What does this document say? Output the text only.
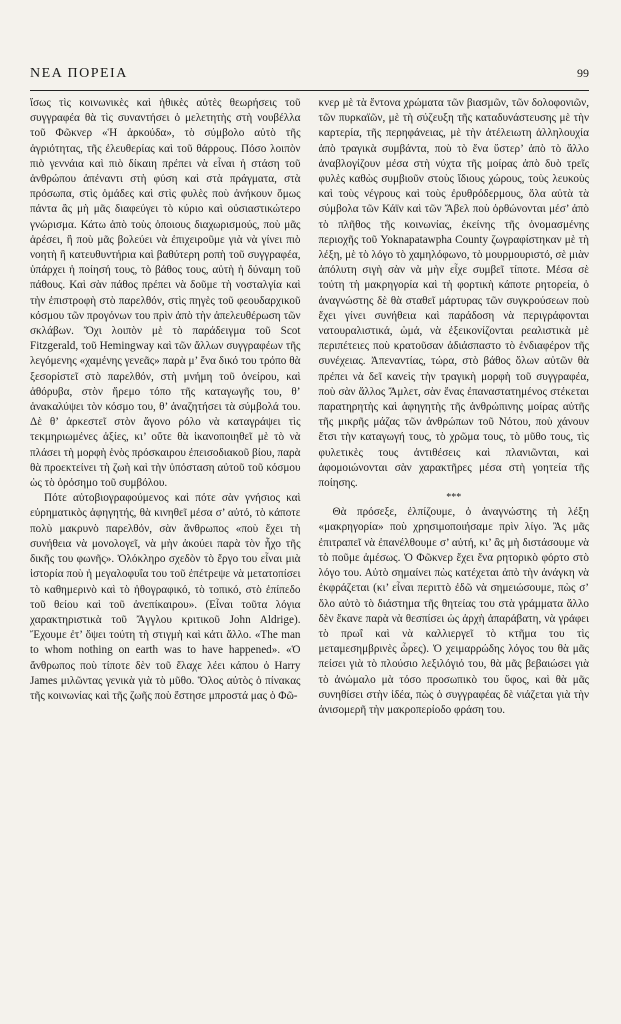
ΝΕΑ ΠΟΡΕΙΑ	99

ἴσως τὶς κοινωνικὲς καὶ ἠθικὲς αὐτὲς θεωρήσεις τοῦ συγγραφέα θὰ τὶς συναντήσει ὁ μελετητὴς στὴ νουβέλλα τοῦ Φῶκνερ «Ἡ ἀρκούδα», τὸ σύμβολο αὐτὸ τῆς ἀγριότητας, τῆς ἐλευθερίας καὶ τοῦ θάρρους. Πόσο λοιπὸν πιὸ γεννάια καὶ πιὸ δίκαιη πρέπει νὰ εἶναι ἡ στάση τοῦ ἀνθρώπου ἀπέναντι στὴ φύση καὶ στὰ πράγματα, στὰ πρόσωπα, στὶς ὁμάδες καὶ στὶς φυλὲς ποὺ ἀνήκουν ὅμως πάντα ἂς μὴ μᾶς διαφεύγει τὸ κύριο καὶ οὐσιαστικώτερο γνώρισμα. Κάτω ἀπὸ τοὺς ὁποιους διαχωρισμούς, ποὺ μᾶς ἀρέσει, ἢ ποὺ μᾶς βολεύει νὰ ἐπιχειροῦμε γιὰ νὰ γίνει πιὸ νοητὴ ἢ κατευθυντήρια καὶ βαθύτερη ροπὴ τοῦ συγγραφέα, ὑπάρχει ἡ ποίησή τους, τὸ βάθος τους, αὐτὴ ἡ δύναμη τοῦ πάθους. Καὶ σὰν πάθος πρέπει νὰ δοῦμε τὴ νοσταλγία καὶ τὴν ἐπιστροφὴ στὸ παρελθόν, στὶς πηγὲς τοῦ φεουδαρχικοῦ κόσμου τῶν προγόνων του πρὶν ἀπὸ τὴν ἀπελευθέρωση τῶν σκλάβων. Ὄχι λοιπὸν μὲ τὸ παράδειγμα τοῦ Scot Fitzgerald, τοῦ Hemingway καὶ τῶν ἄλλων συγγραφέων τῆς λεγόμενης «χαμένης γενεᾶς» παρὰ μ’ ἕνα δικό του τρόπο θὰ ξεσορίστεῖ στὸ παρελθόν, στὴ μνήμη τοῦ ὀνείρου, καὶ ἀθόρυβα, στὸν ἤρεμο τόπο τῆς καταγωγῆς του, θ’ ἀνακαλύψει τὸν κόσμο του, θ’ ἀναζητήσει τὰ σύμβολά του. Δὲ θ’ ἀρκεστεῖ στὸν ἄγονο ρόλο νὰ καταγράψει τὶς τεκμηριωμένες ἀξίες, κι’ οὔτε θὰ ἱκανοποιηθεῖ μὲ τὸ νὰ πλάσει τὴ μορφὴ ἑνὸς πρόσκαιρου ἐπεισοδιακοῦ βίου, παρὰ θὰ προεκτείνει τὴ ζωὴ καὶ τὴν ὑπόσταση αὐτοῦ τοῦ κόσμου ὡς τὸ ὁρόσημο τοῦ συμβόλου.

Πότε αὐτοβιογραφούμενος καὶ πότε σὰν γνήσιος καὶ εὐρηματικὸς ἀφηγητής, θὰ κινηθεῖ μέσα σ’ αὐτό, τὸ κάποτε πολὺ μακρυνὸ παρελθόν, σὰν ἄνθρωπος «ποὺ ἔχει τὴ συνήθεια νὰ μονολογεῖ, νὰ μὴν ἀκούει παρὰ τὸν ἦχο τῆς δικῆς του φωνῆς». Ὁλόκληρο σχεδὸν τὸ ἔργο του εἶναι μιὰ ἱστορία ποὺ ἡ μεγαλοφυΐα του τοῦ ἐπέτρεψε νὰ μετατοπίσει τὸ καθημερινὸ καὶ τὸ ἠθογραφικό, τὸ τοπικό, στὸ ἐπίπεδο τοῦ θείου καὶ τοῦ ἀνεπίκαιρου». (Εἶναι τοῦτα λόγια χαρακτηριστικὰ τοῦ Ἄγγλου κριτικοῦ John Aldrige). Ἔχουμε ἐτ’ ὄψει τούτη τὴ στιγμὴ καὶ κάτι ἄλλο. «The man to whom nothing on earth was to have happened». «Ὁ ἄνθρωπος ποὺ τίποτε δὲν τοῦ ἔλαχε λέει κάπου ὁ Harry James μιλῶντας γενικὰ γιὰ τὸ μῦθο. Ὅλος αὐτὸς ὁ πίνακας τῆς κοινωνίας καὶ τῆς ζωῆς ποὺ ἔστησε μπροστά μας ὁ Φῶ-

κνερ μὲ τὰ ἔντονα χρώματα τῶν βιασμῶν, τῶν δολοφονιῶν, τῶν πυρκαϊῶν, μὲ τὴ σύζευξη τῆς καταδυνάστευσης μὲ τὴν καρτερία, τῆς περηφάνειας, μὲ τὴν ἀτέλειωτη ἀλληλουχία ἀπὸ τραγικὰ συμβάντα, ποὺ τὸ ἕνα ὕστερ’ ἀπὸ τὸ ἄλλο ἀναβλογίζουν μέσα στὴ νύχτα τῆς μοίρας ἀπὸ δυὸ τρεῖς φυλὲς καθὼς συμβιοῦν στοὺς ἴδιους χώρους, τοὺς λευκοὺς καὶ τοὺς νέγρους καὶ τοὺς ἐρυθρόδερμους, ὅλα αὐτὰ τὰ σύμβολα τῶν Κάϊν καὶ τῶν Ἄβελ ποὺ ὀρθώνονται μέσ’ ἀπὸ τὸ πλῆθος τῆς κοινωνίας, ἐκείνης τῆς ὀνομασμένης περιοχῆς τοῦ Yoknapatawpha County ζωγραφίστηκαν μὲ τὴ λέξη, μὲ τὸ λόγο τὸ χαμηλόφωνο, τὸ μουρμουριστό, σὲ μιὰν ἀπόλυτη σιγὴ σὰν νὰ μὴν εἶχε συμβεῖ τίποτε. Μέσα σὲ τούτη τὴ μακρηγορία καὶ τὴ φορτικὴ κάποτε ρητορεία, ὁ ἀναγνώστης δὲ θὰ σταθεῖ μάρτυρας τῶν συγκρούσεων ποὺ ἔχει γίνει συνήθεια καὶ παράδοση νὰ περιγράφονται νατουραλιστικά, ὠμά, νὰ ἐξεικονίζονται ρεαλιστικὰ μὲ περιπέτειες ποὺ κρατοῦσαν ἀδιάσπαστο τὸ ἐνδιαφέρον τῆς συνέχειας. Ἀπεναντίας, τώρα, στὸ βάθος ὅλων αὐτῶν θὰ πρέπει νὰ δεῖ κανεὶς τὴν τραγικὴ μορφὴ τοῦ συγγραφέα, ποὺ σὰν ἄλλος Ἄμλετ, σὰν ἕνας ἐπαναστατημένος στέκεται παρατηρητὴς καὶ ἀφηγητὴς τῆς ἀνθρώπινης μοίρας αὐτῆς τῆς μικρῆς μάζας τῶν ἀνθρώπων τοῦ Νότου, ποὺ χάνουν ἔτσι τὴν καταγωγή τους, τὸ χρῶμα τους, τὸ μῦθο τους, τὶς φυλετικὲς τους ἀντιθέσεις καὶ πλανιῶνται, καὶ ἀφομοιώνονται σὰν χαρακτῆρες μέσα στὴ γοητεία τῆς ποίησης.

***

Θὰ πρόσεξε, ἐλπίζουμε, ὁ ἀναγνώστης τὴ λέξη «μακρηγορία» ποὺ χρησιμοποιήσαμε πρὶν λίγο. Ἂς μᾶς ἐπιτραπεῖ νὰ ἐπανέλθουμε σ’ αὐτή, κι’ ἂς μὴ διστάσουμε νὰ τὸ ποῦμε ἀμέσως. Ὁ Φῶκνερ ἔχει ἕνα ρητορικὸ φόρτο στὸ λόγο του. Αὐτὸ σημαίνει πὼς κατέχεται ἀπὸ τὴν ἀνάγκη νὰ ἐκφράζεται (κι’ εἶναι περιττὸ ἐδῶ νὰ σημειώσουμε, πὼς σ’ ὅλο αὐτὸ τὸ διάστημα τῆς θητείας του στὰ γράμματα ἄλλο δὲν ἔκανε παρὰ νὰ θεσπίσει ὡς ἀρχὴ ἀπαράβατη, νὰ γράφει τὸ πρωΐ καὶ νὰ καλλιεργεῖ τὸ κτῆμα του τὶς μεταμεσημβρινὲς ὧρες). Ὁ χειμαρρώδης λόγος του θὰ μᾶς πείσει γιὰ τὸ πλούσιο λεξιλόγιό του, θὰ μᾶς βεβαιώσει γιὰ τὸ ἀνώμαλο μὰ τόσο προσωπικὸ του ὕφος, καὶ θὰ μᾶς συνηθίσει στὴν ἰδέα, πὼς ὁ συγγραφέας δὲ νιάζεται γιὰ τὴν ἀνισομερῆ τὴν μακροπερίοδο φράση του.
